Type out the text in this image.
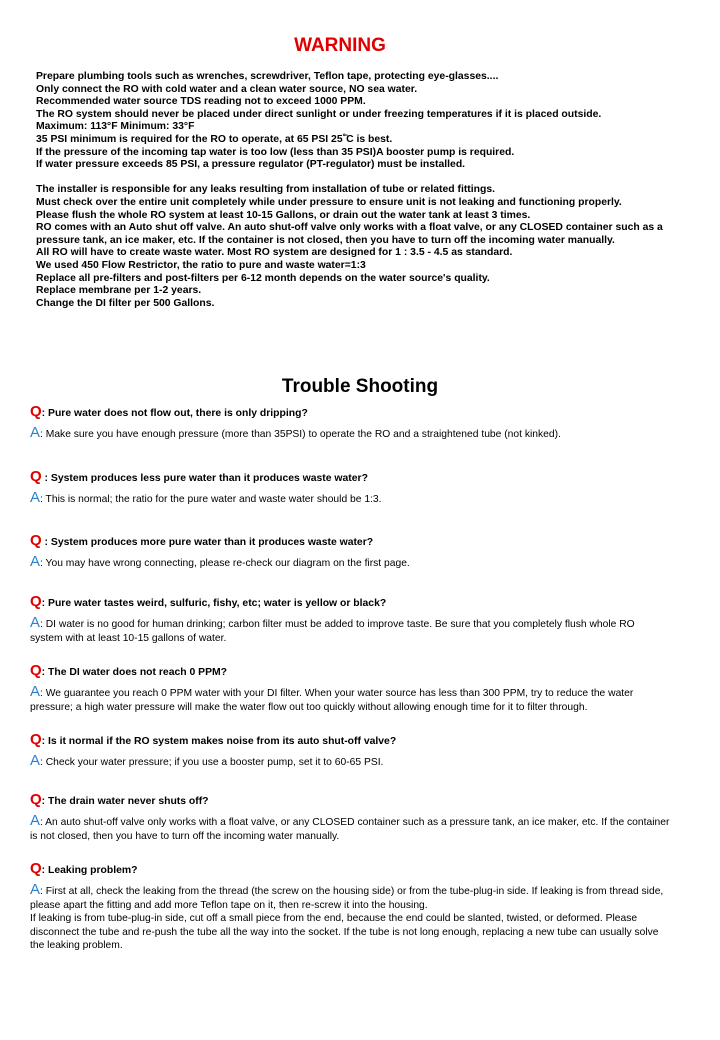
WARNING
Prepare plumbing tools such as wrenches, screwdriver, Teflon tape, protecting eye-glasses....
Only connect the RO with cold water and a clean water source, NO sea water.
Recommended water source TDS reading not to exceed 1000 PPM.
The RO system should never be placed under direct sunlight or under freezing temperatures if it is placed outside.
Maximum: 113°F Minimum: 33°F
35 PSI minimum is required for the RO to operate, at 65 PSI 25˚̄C is best.
If the pressure of the incoming tap water is too low (less than 35 PSI)A booster pump is required.
If water pressure exceeds 85 PSI, a pressure regulator (PT-regulator) must be installed.
The installer is responsible for any leaks resulting from installation of tube or related fittings.
Must check over the entire unit completely while under pressure to ensure unit is not leaking and functioning properly.
Please flush the whole RO system at least 10-15 Gallons, or drain out the water tank at least 3 times.
RO comes with an Auto shut off valve. An auto shut-off valve only works with a float valve, or any CLOSED container such as a pressure tank, an ice maker, etc. If the container is not closed, then you have to turn off the incoming water manually.
All RO will have to create waste water. Most RO system are designed for 1 : 3.5 - 4.5 as standard.
We used 450 Flow Restrictor, the ratio to pure and waste water=1:3
Replace all pre-filters and post-filters per 6-12 month depends on the water source's quality.
Replace membrane per 1-2 years.
Change the DI filter per 500 Gallons.
Trouble Shooting
Q: Pure water does not flow out, there is only dripping?
A: Make sure you have enough pressure (more than 35PSI) to operate the RO and a straightened tube (not kinked).
Q : System produces less pure water than it produces waste water?
A: This is normal; the ratio for the pure water and waste water should be 1:3.
Q : System produces more pure water than it produces waste water?
A: You may have wrong connecting, please re-check our diagram on the first page.
Q: Pure water tastes weird, sulfuric, fishy, etc; water is yellow or black?
A: DI water is no good for human drinking; carbon filter must be added to improve taste. Be sure that you completely flush whole RO system with at least 10-15 gallons of water.
Q: The DI water does not reach 0 PPM?
A: We guarantee you reach 0 PPM water with your DI filter. When your water source has less than 300 PPM, try to reduce the water pressure; a high water pressure will make the water flow out too quickly without allowing enough time for it to filter through.
Q: Is it normal if the RO system makes noise from its auto shut-off valve?
A: Check your water pressure; if you use a booster pump, set it to 60-65 PSI.
Q: The drain water never shuts off?
A: An auto shut-off valve only works with a float valve, or any CLOSED container such as a pressure tank, an ice maker, etc. If the container is not closed, then you have to turn off the incoming water manually.
Q: Leaking problem?
A: First at all, check the leaking from the thread (the screw on the housing side) or from the tube-plug-in side. If leaking is from thread side, please apart the fitting and add more Teflon tape on it, then re-screw it into the housing.
If leaking is from tube-plug-in side, cut off a small piece from the end, because the end could be slanted, twisted, or deformed. Please disconnect the tube and re-push the tube all the way into the socket. If the tube is not long enough, replacing a new tube can usually solve the leaking problem.
